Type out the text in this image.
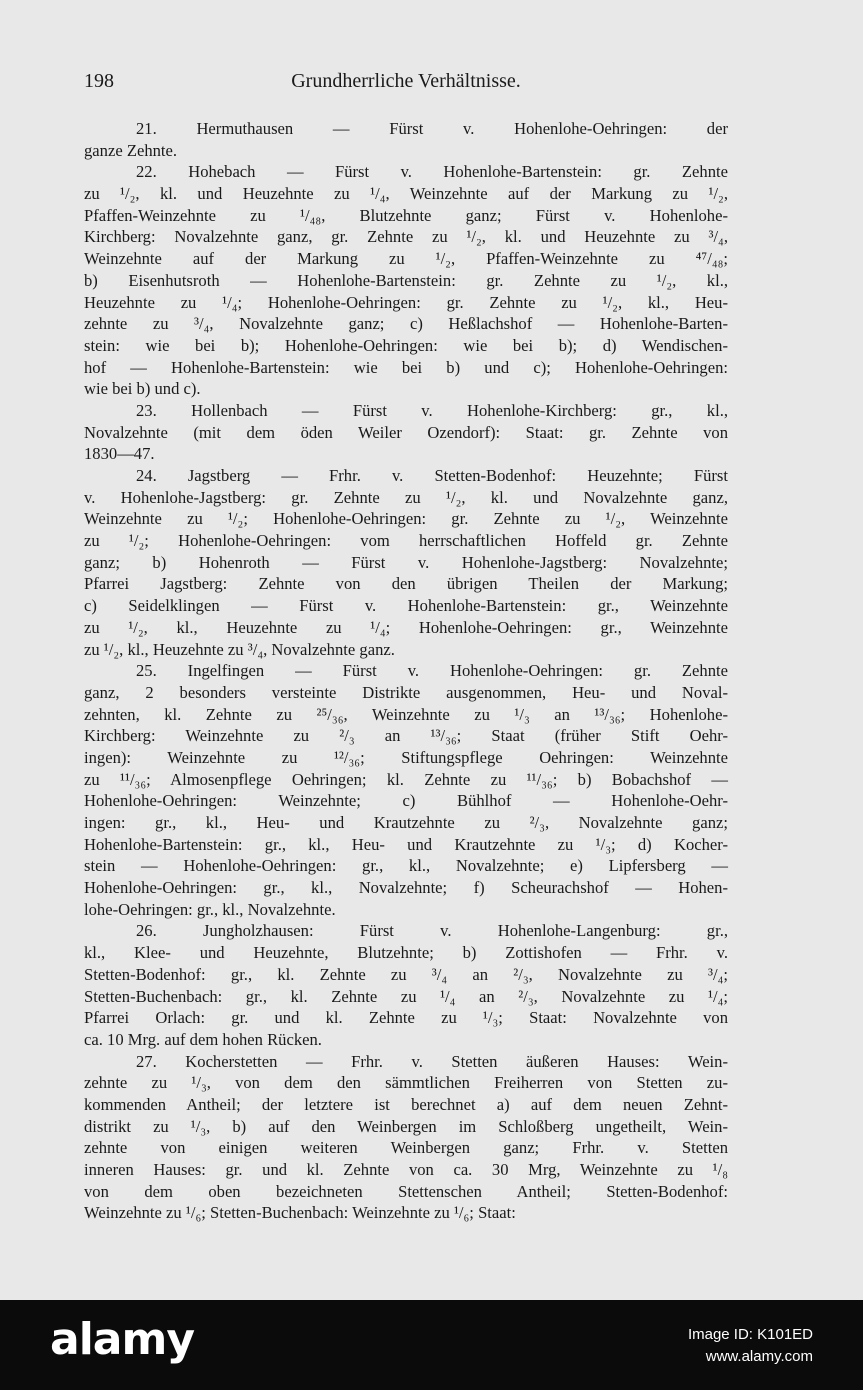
198	Grundherrliche Verhältnisse.
21. Hermuthausen — Fürst v. Hohenlohe-Oehringen: der
ganze Zehnte.
22. Hohebach — Fürst v. Hohenlohe-Bartenstein: gr. Zehnte
zu ¹/₂, kl. und Heuzehnte zu ¹/₄, Weinzehnte auf der Markung zu ¹/₂,
Pfaffen-Weinzehnte zu ¹/₄₈, Blutzehnte ganz; Fürst v. Hohenlohe-
Kirchberg: Novalzehnte ganz, gr. Zehnte zu ¹/₂, kl. und Heuzehnte zu ³/₄,
Weinzehnte auf der Markung zu ¹/₂, Pfaffen-Weinzehnte zu ⁴⁷/₄₈;
b) Eisenhutsroth — Hohenlohe-Bartenstein: gr. Zehnte zu ¹/₂, kl.,
Heuzehnte zu ¹/₄; Hohenlohe-Oehringen: gr. Zehnte zu ¹/₂, kl., Heu-
zehnte zu ³/₄, Novalzehnte ganz; c) Heßlachshof — Hohenlohe-Barten-
stein: wie bei b); Hohenlohe-Oehringen: wie bei b); d) Wendischen-
hof — Hohenlohe-Bartenstein: wie bei b) und c); Hohenlohe-Oehringen:
wie bei b) und c).
23. Hollenbach — Fürst v. Hohenlohe-Kirchberg: gr., kl.,
Novalzehnte (mit dem öden Weiler Ozendorf): Staat: gr. Zehnte von
1830—47.
24. Jagstberg — Frhr. v. Stetten-Bodenhof: Heuzehnte; Fürst
v. Hohenlohe-Jagstberg: gr. Zehnte zu ¹/₂, kl. und Novalzehnte ganz,
Weinzehnte zu ¹/₂; Hohenlohe-Oehringen: gr. Zehnte zu ¹/₂, Weinzehnte
zu ¹/₂; Hohenlohe-Oehringen: vom herrschaftlichen Hoffeld gr. Zehnte
ganz; b) Hohenroth — Fürst v. Hohenlohe-Jagstberg: Novalzehnte;
Pfarrei Jagstberg: Zehnte von den übrigen Theilen der Markung;
c) Seidelklingen — Fürst v. Hohenlohe-Bartenstein: gr., Weinzehnte
zu ¹/₂, kl., Heuzehnte zu ¹/₄; Hohenlohe-Oehringen: gr., Weinzehnte
zu ¹/₂, kl., Heuzehnte zu ³/₄, Novalzehnte ganz.
25. Ingelfingen — Fürst v. Hohenlohe-Oehringen: gr. Zehnte
ganz, 2 besonders versteinte Distrikte ausgenommen, Heu- und Noval-
zehnten, kl. Zehnte zu ²⁵/₃₆, Weinzehnte zu ¹/₃ an ¹³/₃₆; Hohenlohe-
Kirchberg: Weinzehnte zu ²/₃ an ¹³/₃₆; Staat (früher Stift Oehr-
ingen): Weinzehnte zu ¹²/₃₆; Stiftungspflege Oehringen: Weinzehnte
zu ¹¹/₃₆; Almosenpflege Oehringen; kl. Zehnte zu ¹¹/₃₆; b) Bobachshof —
Hohenlohe-Oehringen: Weinzehnte; c) Bühlhof — Hohenlohe-Oehr-
ingen: gr., kl., Heu- und Krautzehnte zu ²/₃, Novalzehnte ganz;
Hohenlohe-Bartenstein: gr., kl., Heu- und Krautzehnte zu ¹/₃; d) Kocher-
stein — Hohenlohe-Oehringen: gr., kl., Novalzehnte; e) Lipfersberg —
Hohenlohe-Oehringen: gr., kl., Novalzehnte; f) Scheurachshof — Hohen-
lohe-Oehringen: gr., kl., Novalzehnte.
26. Jungholzhausen: Fürst v. Hohenlohe-Langenburg: gr.,
kl., Klee- und Heuzehnte, Blutzehnte; b) Zottishofen — Frhr. v.
Stetten-Bodenhof: gr., kl. Zehnte zu ³/₄ an ²/₃, Novalzehnte zu ³/₄;
Stetten-Buchenbach: gr., kl. Zehnte zu ¹/₄ an ²/₃, Novalzehnte zu ¹/₄;
Pfarrei Orlach: gr. und kl. Zehnte zu ¹/₃; Staat: Novalzehnte von
ca. 10 Mrg. auf dem hohen Rücken.
27. Kocherstetten — Frhr. v. Stetten äußeren Hauses: Wein-
zehnte zu ¹/₃, von dem den sämmtlichen Freiherren von Stetten zu-
kommenden Antheil; der letztere ist berechnet a) auf dem neuen Zehnt-
distrikt zu ¹/₃, b) auf den Weinbergen im Schloßberg ungetheilt, Wein-
zehnte von einigen weiteren Weinbergen ganz; Frhr. v. Stetten
inneren Hauses: gr. und kl. Zehnte von ca. 30 Mrg, Weinzehnte zu ¹/₈
von dem oben bezeichneten Stettenschen Antheil; Stetten-Bodenhof:
Weinzehnte zu ¹/₆; Stetten-Buchenbach: Weinzehnte zu ¹/₆; Staat:
alamy	Image ID: K101ED
www.alamy.com
